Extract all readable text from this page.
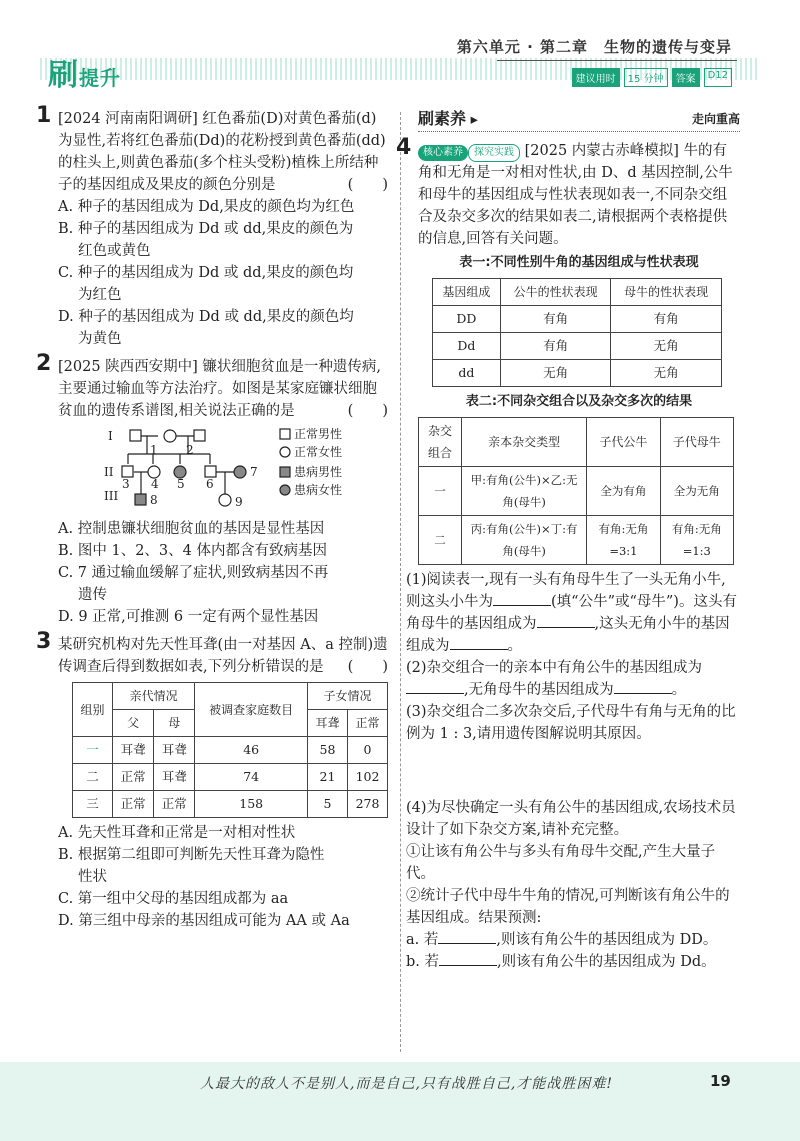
刷提升
第六单元 · 第二章　生物的遗传与变异
建议用时	15 分钟	答案	D12
1 [2024 河南南阳调研] 红色番茄(D)对黄色番茄(d)为显性,若将红色番茄(Dd)的花粉授到黄色番茄(dd)的柱头上,则黄色番茄(多个柱头受粉)植株上所结种子的基因组成及果皮的颜色分别是	(　　)
A. 种子的基因组成为 Dd,果皮的颜色均为红色
B. 种子的基因组成为 Dd 或 dd,果皮的颜色为
红色或黄色
C. 种子的基因组成为 Dd 或 dd,果皮的颜色均
为红色
D. 种子的基因组成为 Dd 或 dd,果皮的颜色均
为黄色
2 [2025 陕西西安期中] 镰状细胞贫血是一种遗传病,主要通过输血等方法治疗。如图是某家庭镰状细胞贫血的遗传系谱图,相关说法正确的是	(　　)
I
II
III
1 2
3 4 5 6
7
8	9
正常男性
正常女性
患病男性
患病女性
A. 控制患镰状细胞贫血的基因是显性基因
B. 图中 1、2、3、4 体内都含有致病基因
C. 7 通过输血缓解了症状,则致病基因不再
遗传
D. 9 正常,可推测 6 一定有两个显性基因
3 某研究机构对先天性耳聋(由一对基因 A、a 控制)遗传调查后得到数据如表,下列分析错误的是 (　　)
组别	亲代情况		被调查家庭数目	子女情况	
	父	母		耳聋	正常
一	耳聋	耳聋	46	58	0
二	正常	耳聋	74	21	102
三	正常	正常	158	5	278
A. 先天性耳聋和正常是一对相对性状
B. 根据第二组即可判断先天性耳聋为隐性
性状
C. 第一组中父母的基因组成都为 aa
D. 第三组中母亲的基因组成可能为 AA 或 Aa
刷素养 ▸	走向重高
4	核心素养 探究实践 [2025 内蒙古赤峰模拟] 牛的有角和无角是一对相对性状,由 D、d 基因控制,公牛和母牛的基因组成与性状表现如表一,不同杂交组合及杂交多次的结果如表二,请根据两个表格提供的信息,回答有关问题。
表一:不同性别牛角的基因组成与性状表现
基因组成	公牛的性状表现	母牛的性状表现
DD	有角	有角
Dd	有角	无角
dd	无角	无角
表二:不同杂交组合以及杂交多次的结果
杂交组合	亲本杂交类型	子代公牛	子代母牛
一	甲:有角(公牛)×乙:无角(母牛)	全为有角	全为无角
二	丙:有角(公牛)×丁:有角(母牛)	有角:无角=3:1	有角:无角=1:3
(1)阅读表一,现有一头有角母牛生了一头无角小牛,则这头小牛为	(填“公牛”或“母牛”)。这头有角母牛的基因组成为	,这头无角小牛的基因组成为	。
(2)杂交组合一的亲本中有角公牛的基因组成为,无角母牛的基因组成为	。
(3)杂交组合二多次杂交后,子代母牛有角与无角的比例为 1 : 3,请用遗传图解说明其原因。
(4)为尽快确定一头有角公牛的基因组成,农场技术员设计了如下杂交方案,请补充完整。
①让该有角公牛与多头有角母牛交配,产生大量子代。
②统计子代中母牛牛角的情况,可判断该有角公牛的基因组成。结果预测:
a. 若	,则该有角公牛的基因组成为 DD。
b. 若	,则该有角公牛的基因组成为 Dd。
人最大的敌人不是别人,而是自己,只有战胜自己,才能战胜困难!	19
